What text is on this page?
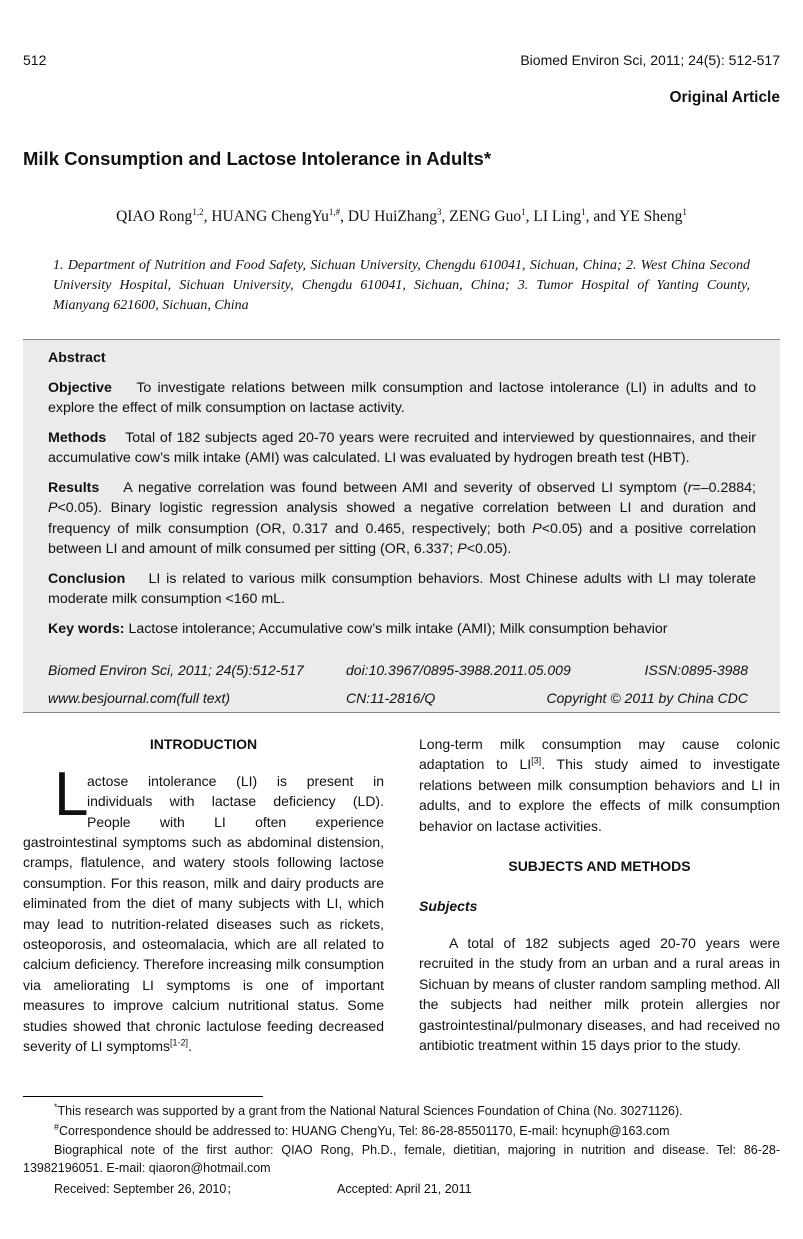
512	Biomed Environ Sci, 2011; 24(5): 512-517
Original Article
Milk Consumption and Lactose Intolerance in Adults*
QIAO Rong$^{1,2}$, HUANG ChengYu$^{1,\#}$, DU HuiZhang$^3$, ZENG Guo$^1$, LI Ling$^1$, and YE Sheng$^1$
1. Department of Nutrition and Food Safety, Sichuan University, Chengdu 610041, Sichuan, China; 2. West China Second University Hospital, Sichuan University, Chengdu 610041, Sichuan, China; 3. Tumor Hospital of Yanting County, Mianyang 621600, Sichuan, China

Abstract

Objective To investigate relations between milk consumption and lactose intolerance (LI) in adults and to explore the effect of milk consumption on lactase activity.

Methods Total of 182 subjects aged 20-70 years were recruited and interviewed by questionnaires, and their accumulative cow’s milk intake (AMI) was calculated. LI was evaluated by hydrogen breath test (HBT).

Results A negative correlation was found between AMI and severity of observed LI symptom (r=–0.2884; P<0.05). Binary logistic regression analysis showed a negative correlation between LI and duration and frequency of milk consumption (OR, 0.317 and 0.465, respectively; both P<0.05) and a positive correlation between LI and amount of milk consumed per sitting (OR, 6.337; P<0.05).

Conclusion LI is related to various milk consumption behaviors. Most Chinese adults with LI may tolerate moderate milk consumption <160 mL.

Key words: Lactose intolerance; Accumulative cow’s milk intake (AMI); Milk consumption behavior

Biomed Environ Sci, 2011; 24(5):512-517	doi:10.3967/0895-3988.2011.05.009	ISSN:0895-3988
www.besjournal.com(full text)	CN:11-2816/Q	Copyright © 2011 by China CDC
INTRODUCTION
L
actose intolerance (LI) is present in
individuals with lactase deficiency (LD).
People with LI often experience
gastrointestinal symptoms such as abdominal distension, cramps, flatulence, and watery stools following lactose consumption. For this reason, milk and dairy products are eliminated from the diet of many subjects with LI, which may lead to nutrition-related diseases such as rickets, osteoporosis, and osteomalacia, which are all related to calcium deficiency. Therefore increasing milk consumption via ameliorating LI symptoms is one of important measures to improve calcium nutritional status. Some studies showed that chronic lactulose feeding decreased severity of LI symptoms[1-2].
Long-term milk consumption may cause colonic adaptation to LI[3]. This study aimed to investigate relations between milk consumption behaviors and LI in adults, and to explore the effects of milk consumption behavior on lactase activities.
SUBJECTS AND METHODS
Subjects
A total of 182 subjects aged 20-70 years were recruited in the study from an urban and a rural areas in Sichuan by means of cluster random sampling method. All the subjects had neither milk protein allergies nor gastrointestinal/pulmonary diseases, and had received no antibiotic treatment within 15 days prior to the study.
*This research was supported by a grant from the National Natural Sciences Foundation of China (No. 30271126).
#Correspondence should be addressed to: HUANG ChengYu, Tel: 86-28-85501170, E-mail: hcynuph@163.com
Biographical note of the first author: QIAO Rong, Ph.D., female, dietitian, majoring in nutrition and disease. Tel: 86-28-13982196051. E-mail: qiaoron@hotmail.com
Received: September 26, 2010；	Accepted: April 21, 2011
